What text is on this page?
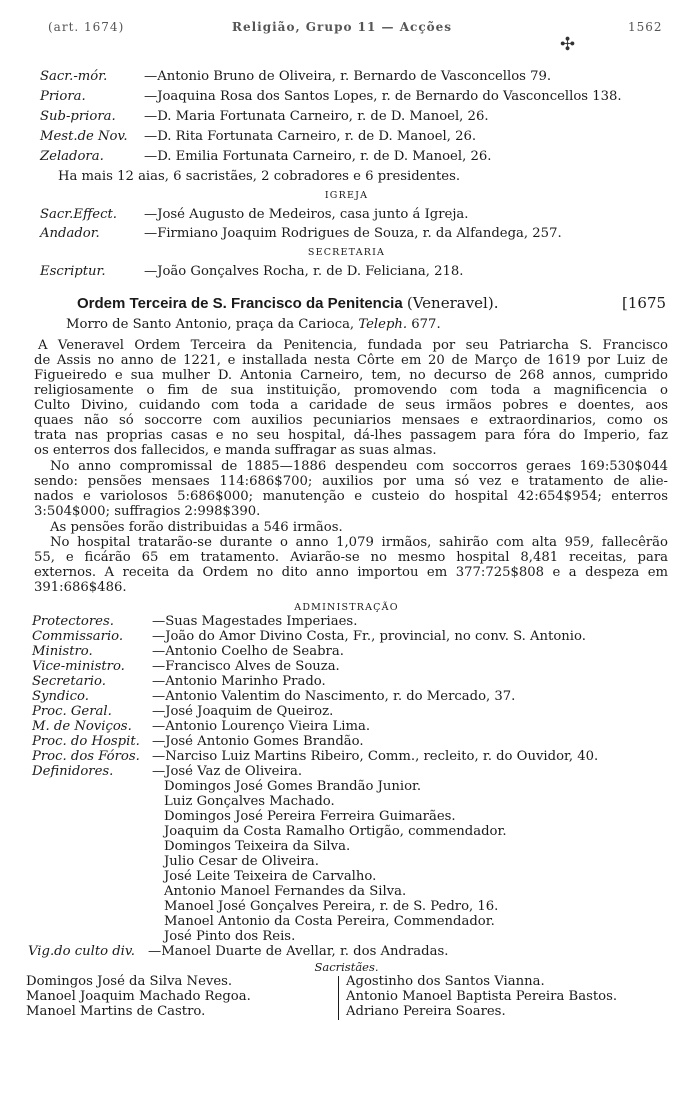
(art. 1674)	Religião, Grupo 11 — Acções	1562
✣
Sacr.-mór.	—Antonio Bruno de Oliveira, r. Bernardo de Vasconcellos 79.
Priora.	—Joaquina Rosa dos Santos Lopes, r. de Bernardo do Vasconcellos 138.
Sub-priora. —D. Maria Fortunata Carneiro, r. de D. Manoel, 26.
Mest.de Nov. —D. Rita Fortunata Carneiro, r. de D. Manoel, 26.
Zeladora.	—D. Emilia Fortunata Carneiro, r. de D. Manoel, 26.
Ha mais 12 aias, 6 sacristães, 2 cobradores e 6 presidentes.
IGREJA
Sacr.Effect. —José Augusto de Medeiros, casa junto á Igreja.
Andador.	—Firmiano Joaquim Rodrigues de Souza, r. da Alfandega, 257.
SECRETARIA
Escriptur.	—João Gonçalves Rocha, r. de D. Feliciana, 218.
Ordem Terceira de S. Francisco da Penitencia (Veneravel).	[1675
Morro de Santo Antonio, praça da Carioca, Teleph. 677.
A Veneravel Ordem Terceira da Penitencia, fundada por seu Patriarcha S. Francisco
de Assis no anno de 1221, e installada nesta Côrte em 20 de Março de 1619 por Luiz de
Figueiredo e sua mulher D. Antonia Carneiro, tem, no decurso de 268 annos, cumprido
religiosamente o fim de sua instituição, promovendo com toda a magnificencia o
Culto Divino, cuidando com toda a caridade de seus irmãos pobres e doentes, aos
quaes não só soccorre com auxilios pecuniarios mensaes e extraordinarios, como os
trata nas proprias casas e no seu hospital, dá-lhes passagem para fóra do Imperio, faz
os enterros dos fallecidos, e manda suffragar as suas almas.
No anno compromissal de 1885—1886 despendeu com soccorros geraes 169:530$044
sendo: pensões mensaes 114:686$700; auxilios por uma só vez e tratamento de alie-
nados e variolosos 5:686$000; manutenção e custeio do hospital 42:654$954; enterros
3:504$000; suffragios 2:998$390.
As pensões forão distribuidas a 546 irmãos.
No hospital tratarão-se durante o anno 1,079 irmãos, sahirão com alta 959, fallecêrão
55, e ficárão 65 em tratamento. Aviarão-se no mesmo hospital 8,481 receitas, para
externos. A receita da Ordem no dito anno importou em 377:725$808 e a despeza em
391:686$486.
ADMINISTRAÇÃO
Protectores.	—Suas Magestades Imperiaes.
Commissario. —João do Amor Divino Costa, Fr., provincial, no conv. S. Antonio.
Ministro.	—Antonio Coelho de Seabra.
Vice-ministro. —Francisco Alves de Souza.
Secretario.	—Antonio Marinho Prado.
Syndico.	—Antonio Valentim do Nascimento, r. do Mercado, 37.
Proc. Geral.	—José Joaquim de Queiroz.
M. de Noviços. —Antonio Lourenço Vieira Lima.
Proc. do Hospit. —José Antonio Gomes Brandão.
Proc. dos Fóros. —Narciso Luiz Martins Ribeiro, Comm., recleito, r. do Ouvidor, 40.
Definidores.	—José Vaz de Oliveira.
Domingos José Gomes Brandão Junior.
Luiz Gonçalves Machado.
Domingos José Pereira Ferreira Guimarães.
Joaquim da Costa Ramalho Ortigão, commendador.
Domingos Teixeira da Silva.
Julio Cesar de Oliveira.
José Leite Teixeira de Carvalho.
Antonio Manoel Fernandes da Silva.
Manoel José Gonçalves Pereira, r. de S. Pedro, 16.
Manoel Antonio da Costa Pereira, Commendador.
José Pinto dos Reis.
Vig.do culto div. —Manoel Duarte de Avellar, r. dos Andradas.
Sacristães.
Domingos José da Silva Neves.
Manoel Joaquim Machado Regoa.
Manoel Martins de Castro.
Agostinho dos Santos Vianna.
Antonio Manoel Baptista Pereira Bastos.
Adriano Pereira Soares.
